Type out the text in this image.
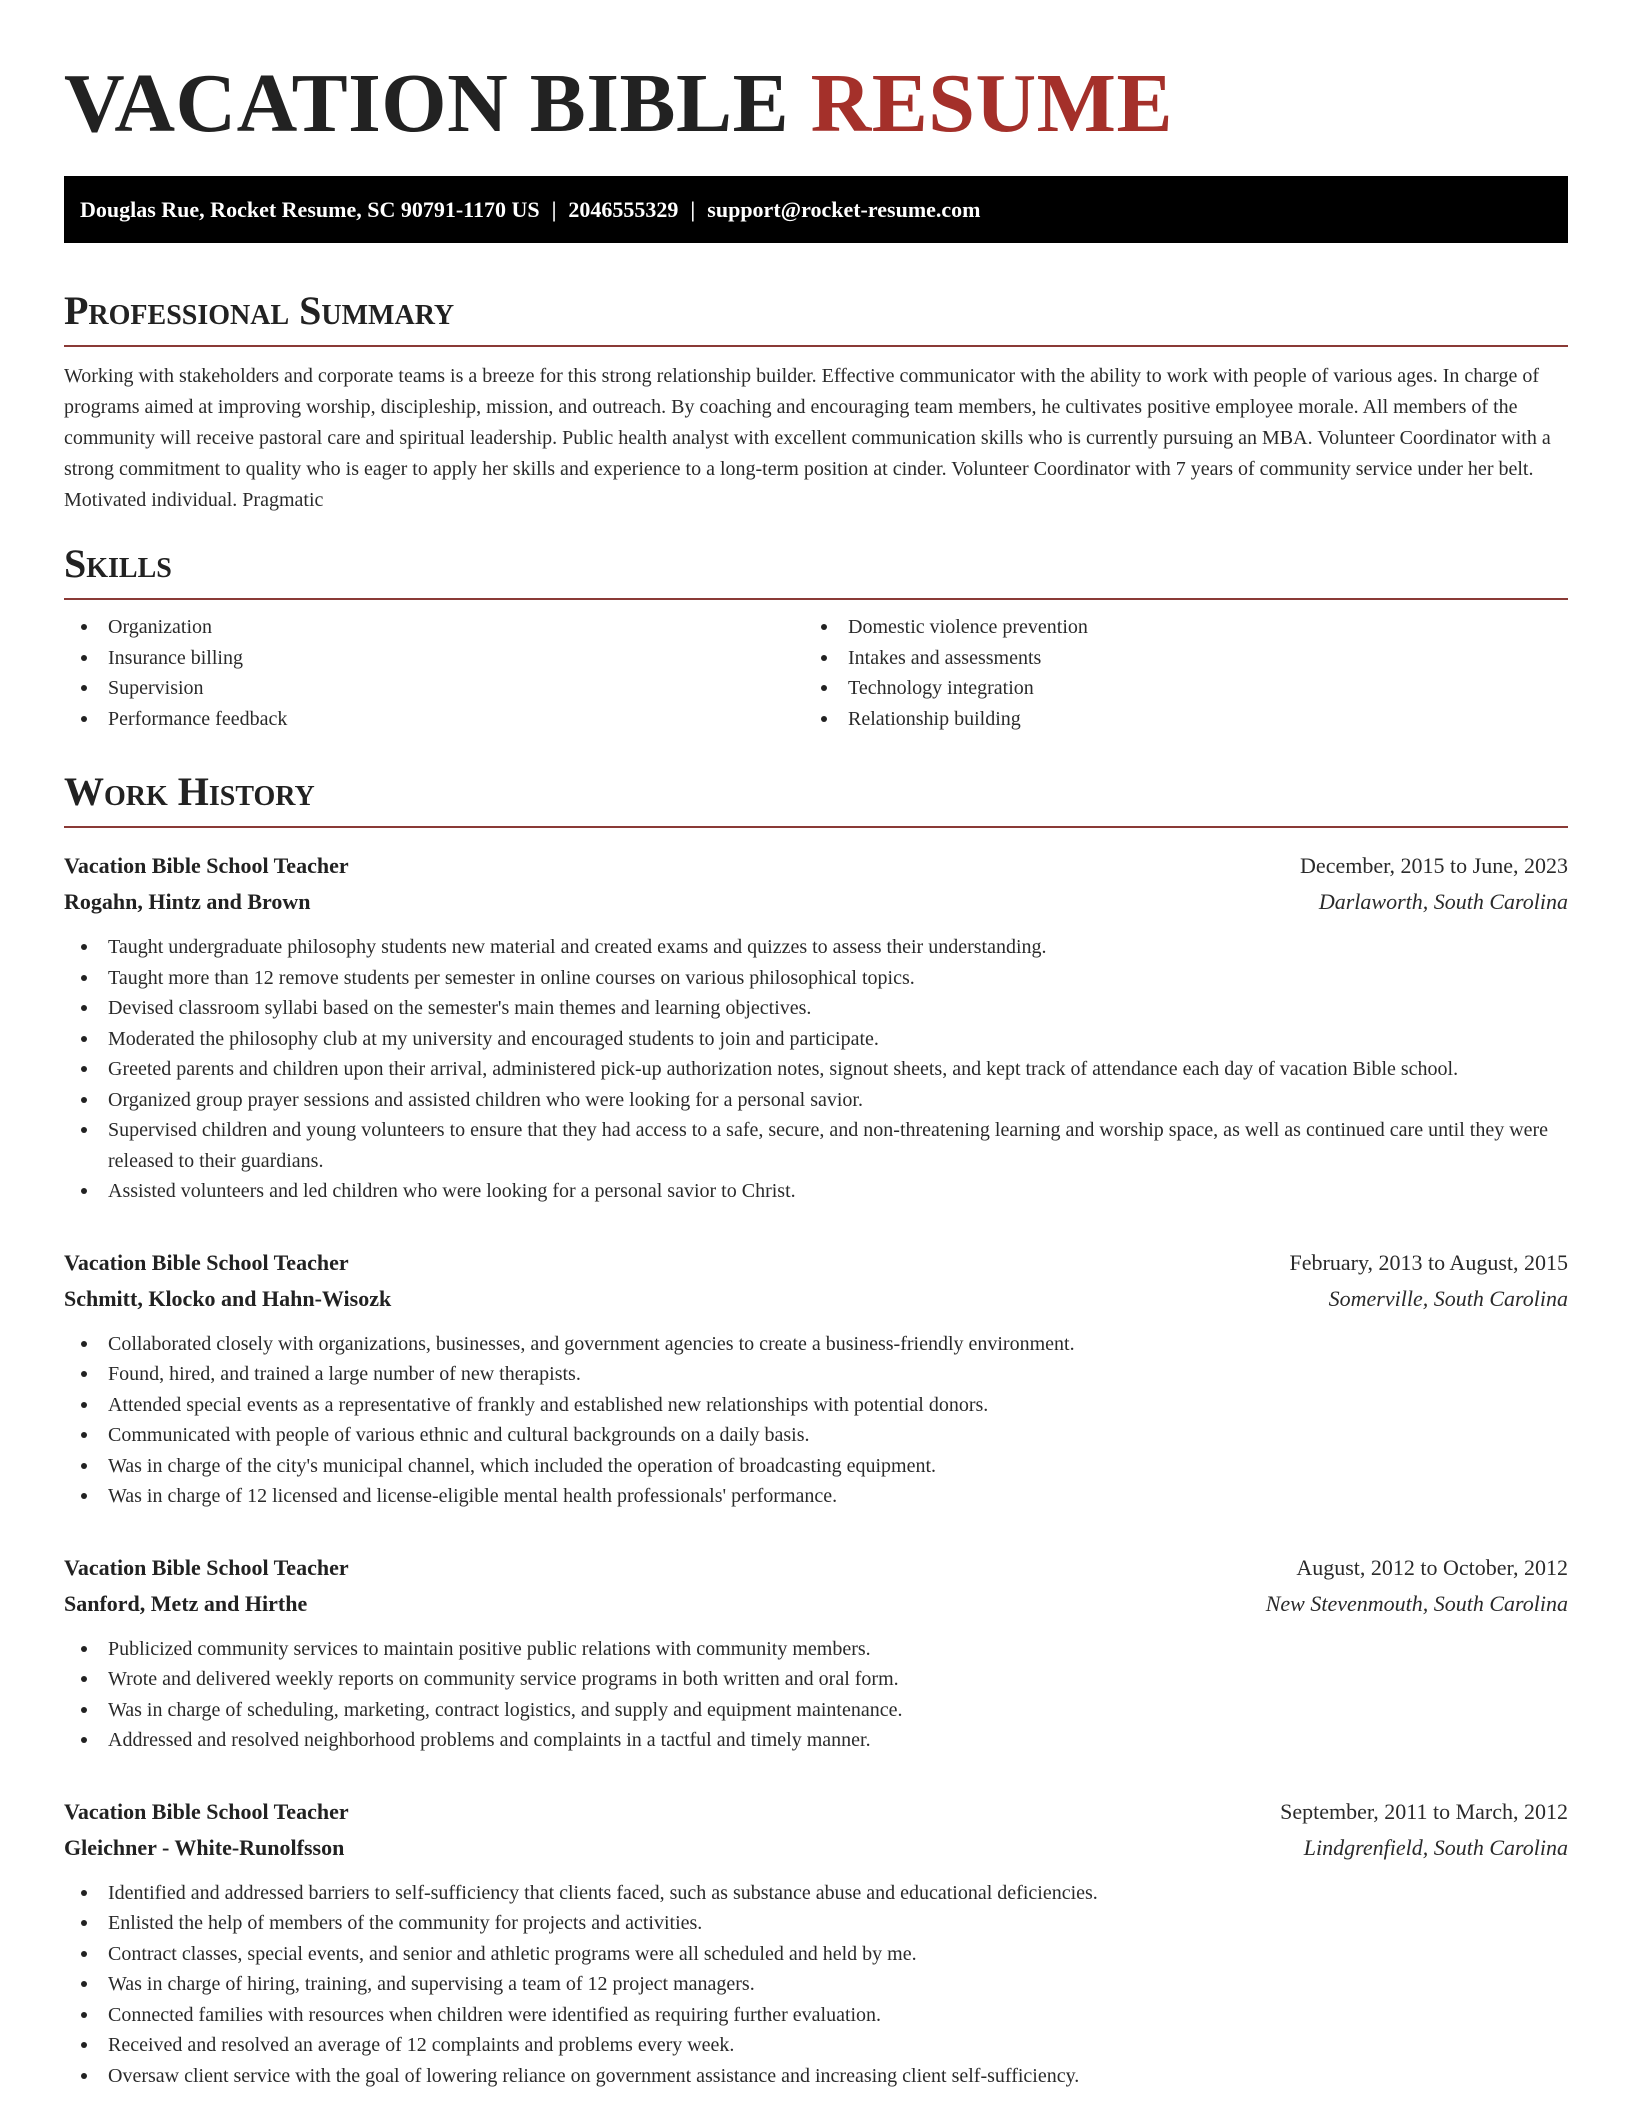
VACATION BIBLE RESUME
Douglas Rue, Rocket Resume, SC 90791-1170 US | 2046555329 | support@rocket-resume.com
Professional Summary

Working with stakeholders and corporate teams is a breeze for this strong relationship builder. Effective communicator with the ability to work with people of various ages. In charge of programs aimed at improving worship, discipleship, mission, and outreach. By coaching and encouraging team members, he cultivates positive employee morale. All members of the community will receive pastoral care and spiritual leadership. Public health analyst with excellent communication skills who is currently pursuing an MBA. Volunteer Coordinator with a strong commitment to quality who is eager to apply her skills and experience to a long-term position at cinder. Volunteer Coordinator with 7 years of community service under her belt. Motivated individual. Pragmatic

Skills
Organization
Insurance billing
Supervision
Performance feedback
Domestic violence prevention
Intakes and assessments
Technology integration
Relationship building
Work History
Vacation Bible School Teacher	December, 2015 to June, 2023
Rogahn, Hintz and Brown	Darlaworth, South Carolina
Taught undergraduate philosophy students new material and created exams and quizzes to assess their understanding.
Taught more than 12 remove students per semester in online courses on various philosophical topics.
Devised classroom syllabi based on the semester's main themes and learning objectives.
Moderated the philosophy club at my university and encouraged students to join and participate.
Greeted parents and children upon their arrival, administered pick-up authorization notes, signout sheets, and kept track of attendance each day of vacation Bible school.
Organized group prayer sessions and assisted children who were looking for a personal savior.
Supervised children and young volunteers to ensure that they had access to a safe, secure, and non-threatening learning and worship space, as well as continued care until they were released to their guardians.
Assisted volunteers and led children who were looking for a personal savior to Christ.
Vacation Bible School Teacher	February, 2013 to August, 2015
Schmitt, Klocko and Hahn-Wisozk	Somerville, South Carolina
Collaborated closely with organizations, businesses, and government agencies to create a business-friendly environment.
Found, hired, and trained a large number of new therapists.
Attended special events as a representative of frankly and established new relationships with potential donors.
Communicated with people of various ethnic and cultural backgrounds on a daily basis.
Was in charge of the city's municipal channel, which included the operation of broadcasting equipment.
Was in charge of 12 licensed and license-eligible mental health professionals' performance.
Vacation Bible School Teacher	August, 2012 to October, 2012
Sanford, Metz and Hirthe	New Stevenmouth, South Carolina
Publicized community services to maintain positive public relations with community members.
Wrote and delivered weekly reports on community service programs in both written and oral form.
Was in charge of scheduling, marketing, contract logistics, and supply and equipment maintenance.
Addressed and resolved neighborhood problems and complaints in a tactful and timely manner.
Vacation Bible School Teacher	September, 2011 to March, 2012
Gleichner - White-Runolfsson	Lindgrenfield, South Carolina
Identified and addressed barriers to self-sufficiency that clients faced, such as substance abuse and educational deficiencies.
Enlisted the help of members of the community for projects and activities.
Contract classes, special events, and senior and athletic programs were all scheduled and held by me.
Was in charge of hiring, training, and supervising a team of 12 project managers.
Connected families with resources when children were identified as requiring further evaluation.
Received and resolved an average of 12 complaints and problems every week.
Oversaw client service with the goal of lowering reliance on government assistance and increasing client self-sufficiency.
